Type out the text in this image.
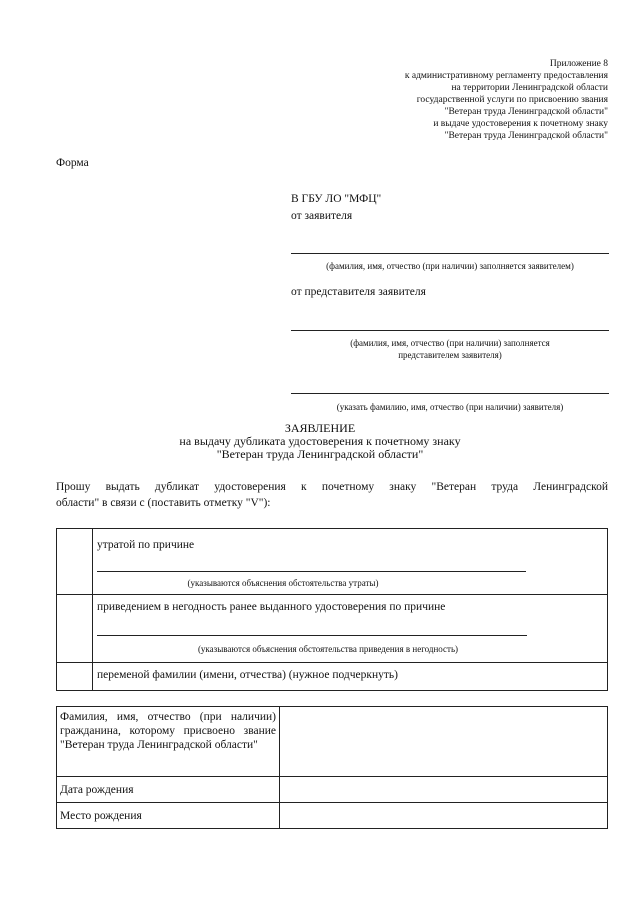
Приложение 8
к административному регламенту предоставления
на территории Ленинградской области
государственной услуги по присвоению звания
"Ветеран труда Ленинградской области"
и выдаче удостоверения к почетному знаку
"Ветеран труда Ленинградской области"
Форма
В ГБУ ЛО "МФЦ"
от заявителя
(фамилия, имя, отчество (при наличии) заполняется заявителем)
от представителя заявителя
(фамилия, имя, отчество (при наличии) заполняется
представителем заявителя)
(указать фамилию, имя, отчество (при наличии) заявителя)
ЗАЯВЛЕНИЕ
на выдачу дубликата удостоверения к почетному знаку
"Ветеран труда Ленинградской области"
Прошу выдать дубликат удостоверения к почетному знаку "Ветеран труда Ленинградской
области" в связи с (поставить отметку "V"):

	утратой по причине
(указываются объяснения обстоятельства утраты)

	приведением в негодность ранее выданного удостоверения по причине
(указываются объяснения обстоятельства приведения в негодность)

	переменой фамилии (имени, отчества) (нужное подчеркнуть)
Фамилия, имя, отчество (при наличии) гражданина, которому присвоено звание "Ветеран труда Ленинградской области"	
Дата рождения	
Место рождения	
